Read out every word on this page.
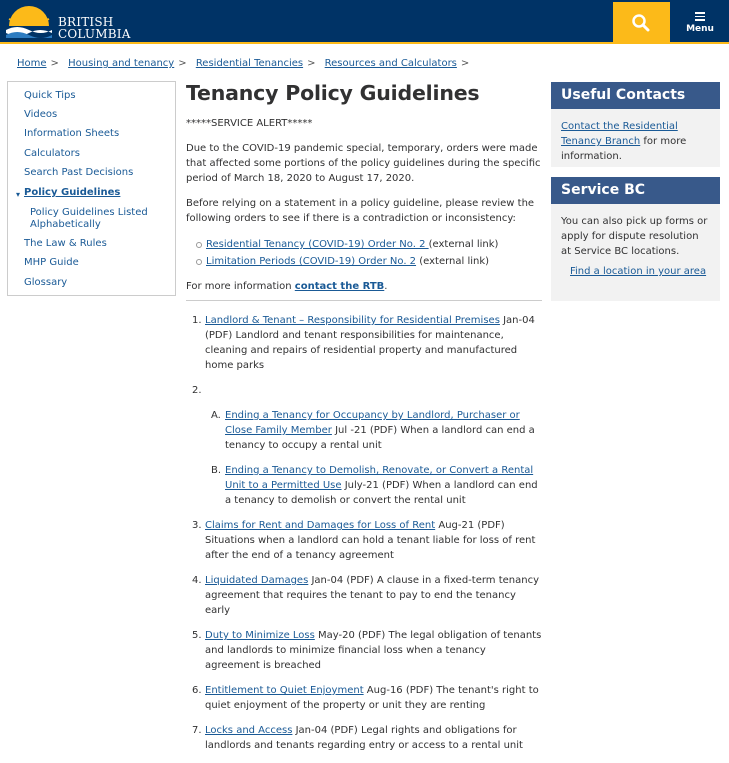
BRITISH
COLUMBIA	Menu
Home > Housing and tenancy > Residential Tenancies > Resources and Calculators >
Quick Tips
Videos
Information Sheets
Calculators
Search Past Decisions
▾ Policy Guidelines
Policy Guidelines Listed Alphabetically
The Law & Rules
MHP Guide
Glossary
Tenancy Policy Guidelines
*****SERVICE ALERT*****
Due to the COVID-19 pandemic special, temporary, orders were made that affected some portions of the policy guidelines during the specific period of March 18, 2020 to August 17, 2020.
Before relying on a statement in a policy guideline, please review the following orders to see if there is a contradiction or inconsistency:
Residential Tenancy (COVID-19) Order No. 2 (external link)
Limitation Periods (COVID-19) Order No. 2 (external link)
For more information contact the RTB.
1. Landlord & Tenant – Responsibility for Residential Premises Jan-04 (PDF) Landlord and tenant responsibilities for maintenance, cleaning and repairs of residential property and manufactured home parks
2.

A. Ending a Tenancy for Occupancy by Landlord, Purchaser or Close Family Member Jul -21 (PDF) When a landlord can end a tenancy to occupy a rental unit
B. Ending a Tenancy to Demolish, Renovate, or Convert a Rental Unit to a Permitted Use July-21 (PDF) When a landlord can end a tenancy to demolish or convert the rental unit
3. Claims for Rent and Damages for Loss of Rent Aug-21 (PDF) Situations when a landlord can hold a tenant liable for loss of rent after the end of a tenancy agreement
4. Liquidated Damages Jan-04 (PDF) A clause in a fixed-term tenancy agreement that requires the tenant to pay to end the tenancy early
5. Duty to Minimize Loss May-20 (PDF) The legal obligation of tenants and landlords to minimize financial loss when a tenancy agreement is breached
6. Entitlement to Quiet Enjoyment Aug-16 (PDF) The tenant's right to quiet enjoyment of the property or unit they are renting
7. Locks and Access Jan-04 (PDF) Legal rights and obligations for landlords and tenants regarding entry or access to a rental unit
Useful Contacts
Contact the Residential Tenancy Branch for more information.
Service BC
You can also pick up forms or apply for dispute resolution at Service BC locations.
Find a location in your area
